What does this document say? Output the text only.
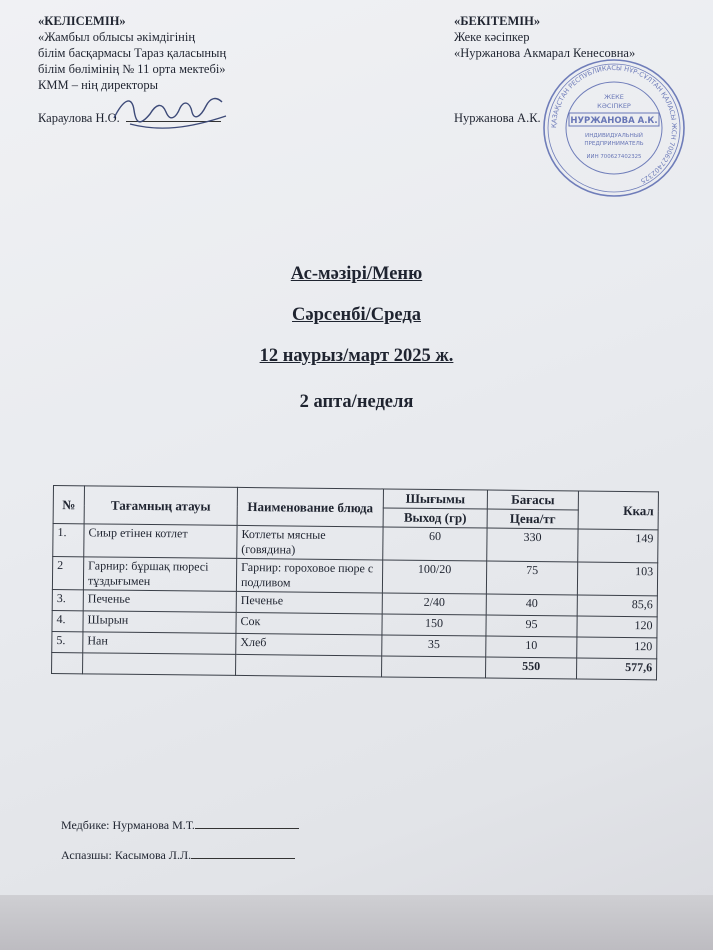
«КЕЛІСЕМІН»
«Жамбыл облысы әкімдігінің
білім басқармасы Тараз қаласының
білім бөлімінің № 11 орта мектебі»
КММ – нің директоры
Караулова Н.О.
«БЕКІТЕМІН»
Жеке кәсіпкер
«Нуржанова Акмарал Кенесовна»
Нуржанова А.К.
ҚАЗАҚСТАН РЕСПУБЛИКАСЫ НҰР-СҰЛТАН ҚАЛАСЫ ЖСН 700627402325
ЖЕКЕ
КӘСІПКЕР
НУРЖАНОВА А.К.
ИНДИВИДУАЛЬНЫЙ
ПРЕДПРИНИМАТЕЛЬ
ИИН 700627402325
Ас-мәзірі/Меню
Сәрсенбі/Среда
12 наурыз/март 2025 ж.
2 апта/неделя
№	Тағамның атауы	Наименование блюда	Шығымы	Бағасы	Ккал
			Выход (гр)	Цена/тг	
1.	Сиыр етінен котлет	Котлеты мясные (говядина)	60	330	149
2	Гарнир: бұршақ пюресі тұздығымен	Гарнир: гороховое пюре с подливом	100/20	75	103
3.	Печенье	Печенье	2/40	40	85,6
4.	Шырын	Сок	150	95	120
5.	Нан	Хлеб	35	10	120
				550	577,6
Медбике: Нурманова М.Т.
Аспазшы: Касымова Л.Л.
